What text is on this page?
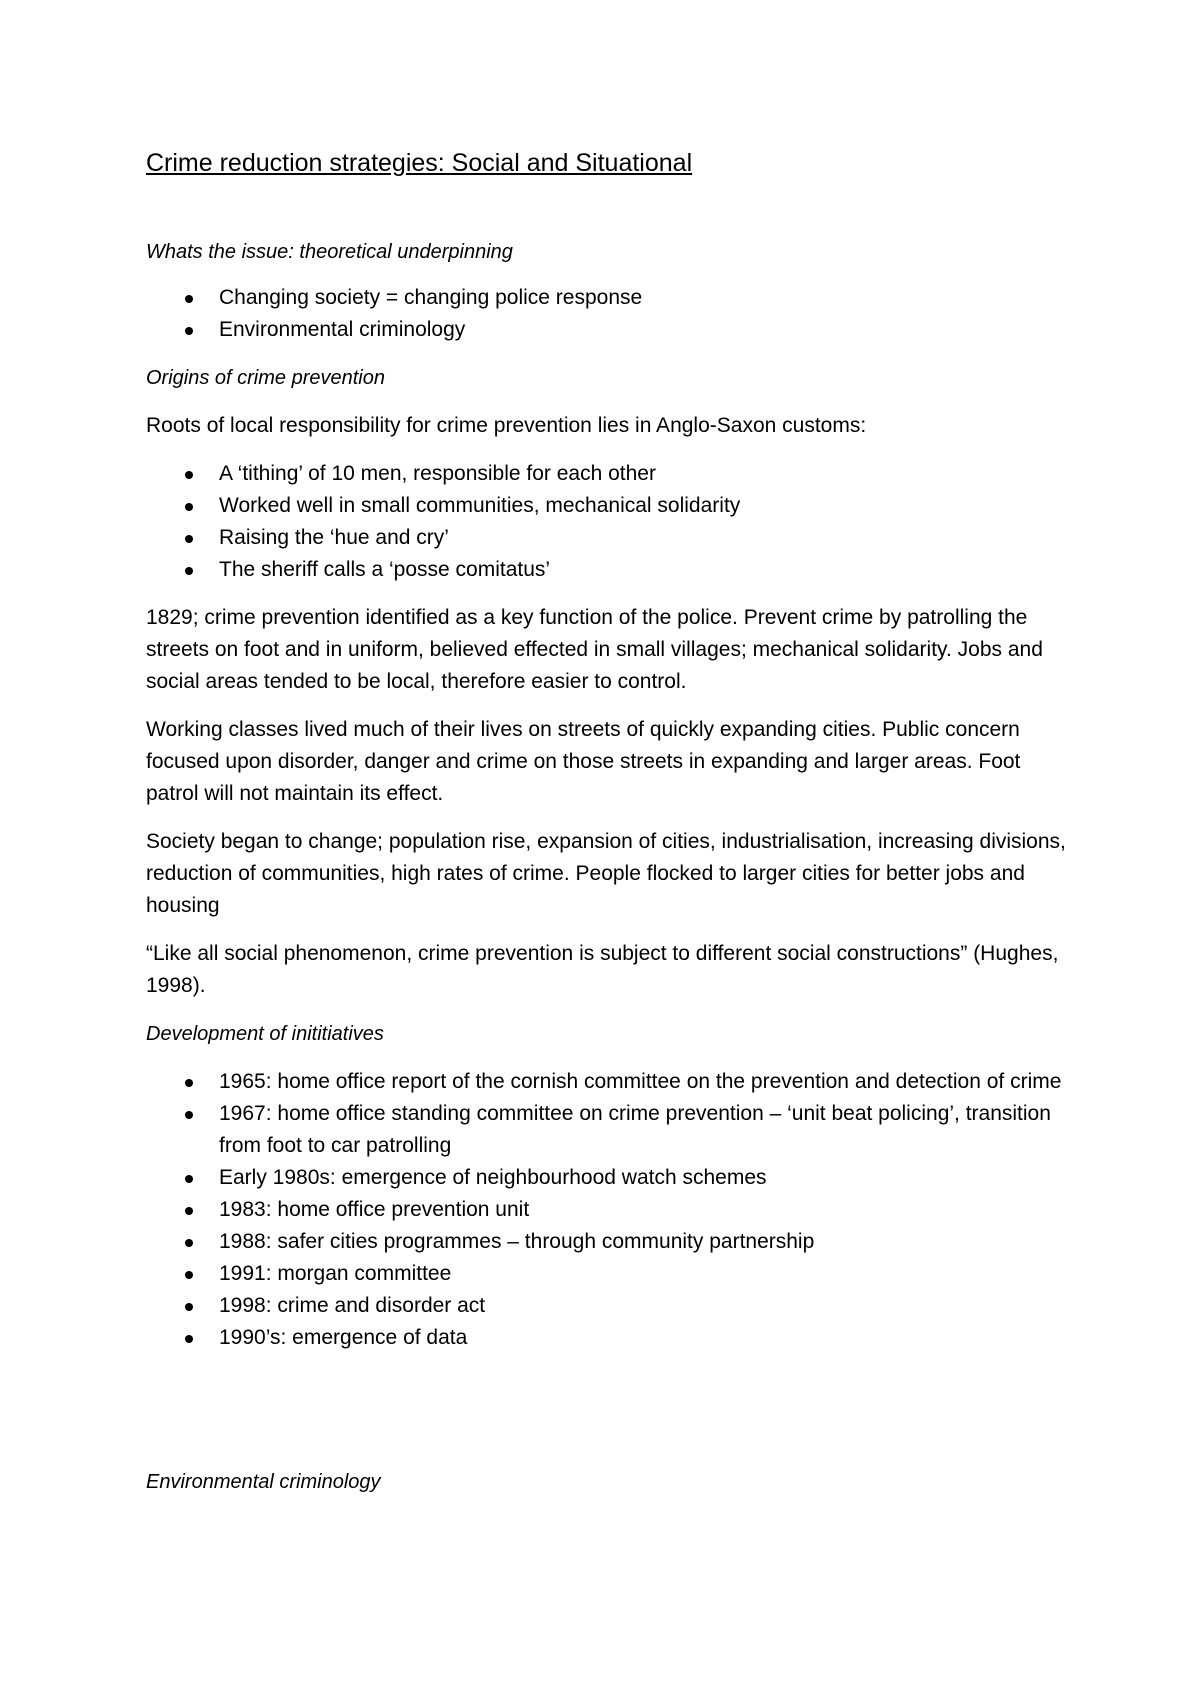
Crime reduction strategies: Social and Situational

Whats the issue: theoretical underpinning

Changing society = changing police response
Environmental criminology

Origins of crime prevention

Roots of local responsibility for crime prevention lies in Anglo-Saxon customs:

A ‘tithing’ of 10 men, responsible for each other
Worked well in small communities, mechanical solidarity
Raising the ‘hue and cry’
The sheriff calls a ‘posse comitatus’

1829; crime prevention identified as a key function of the police. Prevent crime by patrolling the streets on foot and in uniform, believed effected in small villages; mechanical solidarity. Jobs and social areas tended to be local, therefore easier to control.

Working classes lived much of their lives on streets of quickly expanding cities. Public concern focused upon disorder, danger and crime on those streets in expanding and larger areas. Foot patrol will not maintain its effect.

Society began to change; population rise, expansion of cities, industrialisation, increasing divisions, reduction of communities, high rates of crime. People flocked to larger cities for better jobs and housing

“Like all social phenomenon, crime prevention is subject to different social constructions” (Hughes, 1998).

Development of inititiatives

1965: home office report of the cornish committee on the prevention and detection of crime
1967: home office standing committee on crime prevention – ‘unit beat policing’, transition from foot to car patrolling
Early 1980s: emergence of neighbourhood watch schemes
1983: home office prevention unit
1988: safer cities programmes – through community partnership
1991: morgan committee
1998: crime and disorder act
1990’s: emergence of data

Environmental criminology
